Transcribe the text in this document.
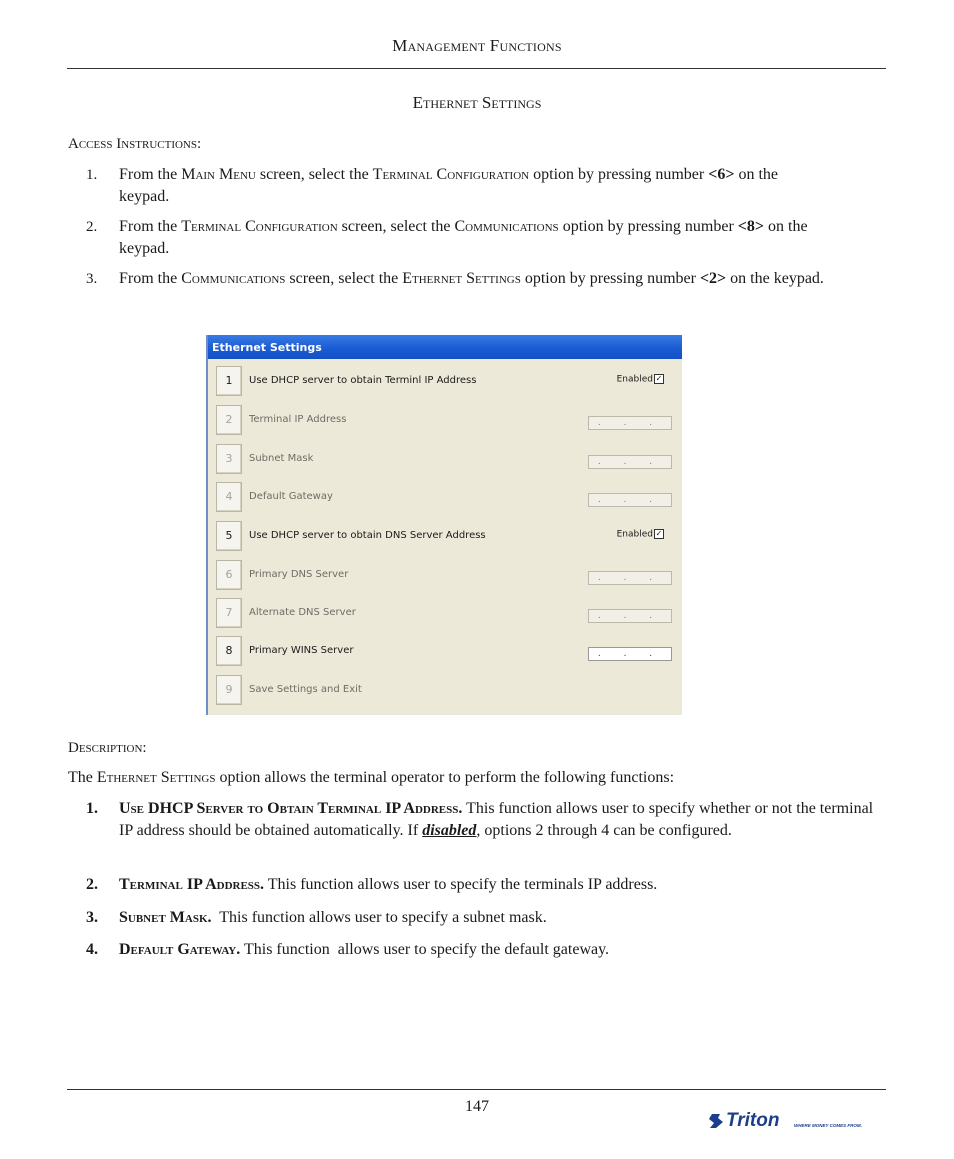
Management Functions
Ethernet Settings
Access Instructions:
1. From the Main Menu screen, select the Terminal Configuration option by pressing number <6> on the keypad.
2. From the Terminal Configuration screen, select the Communications option by pressing number <8> on the keypad.
3. From the Communications screen, select the Ethernet Settings option by pressing number <2> on the keypad.
Ethernet Settings
1	Use DHCP server to obtain Terminl IP Address	Enabled ✓
2	Terminal IP Address	. . .
3	Subnet Mask	. . .
4	Default Gateway	. . .
5	Use DHCP server to obtain DNS Server Address	Enabled ✓
6	Primary DNS Server	. . .
7	Alternate DNS Server	. . .
8	Primary WINS Server	. . .
9	Save Settings and Exit
Description:
The Ethernet Settings option allows the terminal operator to perform the following functions:
1. Use DHCP Server to Obtain Terminal IP Address. This function allows user to specify whether or not the terminal IP address should be obtained automatically. If disabled, options 2 through 4 can be configured.
2. Terminal IP Address. This function allows user to specify the terminals IP address.
3. Subnet Mask.  This function allows user to specify a subnet mask.
4. Default Gateway. This function  allows user to specify the default gateway.
147
Triton	WHERE MONEY COMES FROM.
